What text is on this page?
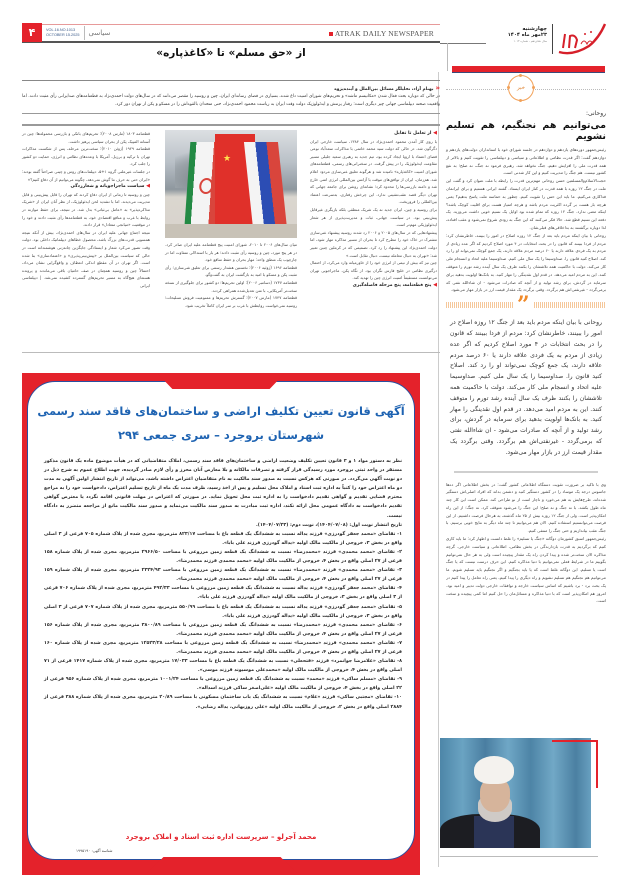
۴	VOL.16.NO.1013
OCTOBER 15.2025 سیاسی	ATRAK DAILY NEWSPAPER	چهارشنبه
۲۳مهر ماه ۱۴۰۴
سال شانزدهم - شماره ۱۰۱۳
از «حق مسلم» تا «کاغذپاره»
« بهنام آزاد، تحلیلگر مسائل بین‌الملل و آینده‌پژوه
در حالی که دوباره بحث فعال شدن «مکانیسم ماشه» و تحریم‌های شورای امنیت داغ شده، بسیاری در فضای رسانه‌ای ایران، چین و روسیه را مقصر می‌دانند که در سال‌های دولت احمدی‌نژاد به قطعنامه‌های ضدایرانی رأی مثبت دادند. اما واقعیت صحنه دیپلماسی جهانی چیز دیگری است: رفتار پرتنش و ایدئولوژیک دولت وقت ایران به ریاست محمود احمدی‌نژاد، حتی متحدان بالقوه‌اش را در مسکو و پکن از تهران دور کرد.
◀ از تعامل تا تقابل

با روی کار آمدن محمود احمدی‌نژاد در سال ۱۳۸۴، سیاست خارجی ایران دگرگون شد. در حالی که دولت سید محمد خاتمی با مذاکرات سعدآباد نوعی فضای اعتماد با اروپا ایجاد کرده بود، تیم جدید به رهبری سعید جلیلی مسیر مقاومت ایدئولوژیک را در پیش گرفت. در سخنرانی‌های رسمی، قطعنامه‌های شورای امنیت «کاغذپاره» نامیده شد و هرگونه تعلیق غنی‌سازی مردود اعلام شد. هم‌زمان، ایران از توافق‌های موقت با آژانس بین‌المللی انرژی اتمی خارج شد و دامنه بازرسی‌ها را محدود کرد؛ نشانه‌ای روشن برای جامعه جهانی که تهران دیگر قصد عقب‌نشینی ندارد. این چرخش رفتاری، به‌سرعت اعتماد بین‌المللی را فروریخت.

برای روسیه و چین، ایران جدید نه یک شریک منطقی بلکه بازیگری غیرقابل پیش‌بینی بود. در سیاست جهانی، ثبات و مدیریت‌پذیری از هر شعار ایدئولوژیکی مهم‌تر است.

پیشنهادهایی که در سال‌های ۲۰۰۵ و ۲۰۰۶ رد شدند روسیه پیشنهاد غنی‌سازی مشترک در خاک خود را مطرح کرد تا بحران از مسیر مذاکره مهار شود، اما دولت احمدی‌نژاد این پیشنهاد را رد کرد. تصمیمی که در کرملین چنین تعبیر شد: «تهران به دنبال معامله نیست، دنبال تقابل است.»

چین نیز که بیش از نیمی از انرژی خود را از خاورمیانه وارد می‌کرد، از احتمال درگیری نظامی در خلیج فارس نگران بود. از نگاه پکن، ماجراجویی تهران می‌توانست مستقیماً امنیت انرژی چین را تهدید کند.

◀ پنج قطعنامه، پنج مرحله فاصله‌گیری
★

میان سال‌های ۲۰۰۶ تا ۲۰۱۰، شورای امنیت پنج قطعنامه علیه ایران صادر کرد. در هر پنج مورد، چین و روسیه رأی مثبت دادند؛ هر بار با استدلالی متفاوت اما در چارچوب یک منطق واحد: مهار بحران و حفظ منافع خود.

قطعنامه ۱۶۹۶ (ژوئیه ۲۰۰۶): نخستین هشدار رسمی برای تعلیق غنی‌سازی؛ رأی مثبت پکن و مسکو با امید به بازگشت ایران به گفت‌وگو.

قطعنامه ۱۷۳۷ (دسامبر ۲۰۰۶): اولین تحریم‌ها؛ دو کشور برای جلوگیری از نسخه سخت‌تر آمریکایی، با متن تعدیل‌شده همراهی کردند.

قطعنامه ۱۷۴۷ (مارس ۲۰۰۷): گسترش تحریم‌ها و ممنوعیت فروش تسلیحات؛ روسیه نمی‌خواست روابطش با غرب بر سر ایران کاملاً تخریب شود.

قطعنامه ۱۸۰۳ (مارس ۲۰۰۸): تحریم‌های بانکی و بازرسی محموله‌ها؛ چین در آستانه المپیک پکن از بحران سیاسی پرهیز داشت.

قطعنامه ۱۹۲۹ (ژوئن ۲۰۱۰): سخت‌ترین مرحله، پس از شکست مذاکرات تهران با ترکیه و برزیل. آمریکا با وعده‌های نظامی و انرژی، حمایت دو کشور را جلب کرد.

در جلسات غیرعلنی گروه ۱+۵، دیپلمات‌های روس و چینی صراحتاً گفته بودند: «ایران حتی به حرف ما گوش نمی‌دهد، چگونه می‌توانیم از آن دفاع کنیم؟»

◀ سیاست ماجراجویانه و شعارزدگی

چین و روسیه تا زمانی از ایران دفاع کردند که تهران را قابل پیش‌بینی و قابل مدیریت می‌دیدند. اما با تشدید لحن ایدئولوژیک، از نظر آنان ایران از «شریک مذاکره‌پذیر» به «عامل بی‌ثباتی» بدل شد. در نتیجه، برای حفظ موازنه در روابط با غرب و منافع اقتصادی خود، به قطعنامه‌ها رأی مثبت دادند و خود را در موقعیت «میانجی متعادل» قرار دادند.

نتیجه اجماع جهانی علیه ایران در سال‌های احمدی‌نژاد، بیش از آنکه نتیجه همسویی قدرت‌های بزرگ باشد، محصول خطاهای دیپلماتیک داخلی بود. دولت وقت تصور می‌کرد شعار و ایستادگی جایگزین چانه‌زنی هوشمندانه است در حالی که سیاست بین‌الملل بر «پیش‌بینی‌پذیری» و «اعتمادسازی» بنا شده است. اگر تهران در آن مقطع اندکی انعطاف و واقع‌گرایی نشان می‌داد، احتمالاً چین و روسیه همچنان در صف حامیان باقی می‌ماندند و پرونده هسته‌ای هیچ‌گاه به مسیر تحریم‌های گسترده کشیده نمی‌شد. | دیپلماسی ایرانی

آگهی قانون تعیین تکلیف اراضی و ساختمان‌های فاقد سند رسمی
شهرستان بروجرد – سری جمعی ۲۹۴

نظر به دستور مواد ۱ و ۳ قانون تعیین تکلیف وضعیت اراضی و ساختمان‌های فاقد سند رسمی، املاک متقاضیانی که در هیأت موضوع ماده یک قانون مذکور مستقر در واحد ثبتی بروجرد مورد رسیدگی قرار گرفته و تصرفات مالکانه و بلا معارض آنان محرز و رأی لازم صادر گردیده، جهت اطلاع عموم به شرح ذیل در دو نوبت آگهی می‌گردد. در صورتی که هرکس نسبت به صدور سند مالکیت به نام متقاضیان اعتراض داشته باشد، می‌تواند از تاریخ انتشار اولین آگهی به مدت دو ماه اعتراض خود را کتباً به اداره ثبت اسناد و املاک محل تسلیم و پس از اخذ رسید، ظرف مدت یک ماه از تاریخ تسلیم اعتراض، دادخواست خود را به مراجع محترم قضایی تقدیم و گواهی تقدیم دادخواست را به اداره ثبت محل تحویل نماید. در صورتی که اعتراض در مهلت قانونی اقامه نگردد یا معترض گواهی تقدیم دادخواست به دادگاه عمومی محل ارائه نکند، اداره ثبت مبادرت به صدور سند مالکیت می‌نماید و صدور سند مالکیت مانع از مراجعه متضرر به دادگاه نیست.

تاریخ انتشار نوبت اول: (۱۴۰۴/۰۷/۰۸)، نوبت دوم: (۱۴۰۴/۰۷/۲۳).

۱- تقاضای «محمد جعفر گودرزی» فرزند یداله نسبت به ششدانگ یک قطعه باغ با مساحت ۸۲۳/۱۷ مترمربع، مجزی شده از پلاک شماره ۷۰۵ فرعی از ۳ اصلی واقع در بخش ۳، خروجی از مالکیت مالک اولیه «یداله گودرزی فرزند علی بابا».

۲- تقاضای «محمد محمدی» فرزند «محمدرضا» نسبت به ششدانگ یک قطعه زمین مزروعی با مساحت ۲۹۶۶/۵۰ مترمربع، مجزی شده از پلاک شماره ۱۵۸ فرعی از ۲۷ اصلی واقع در بخش ۴، خروجی از مالکیت مالک اولیه «محمد محمدی فرزند محمدرضا».

۳- تقاضای «محمد محمدی» فرزند «محمدرضا» نسبت به ششدانگ یک قطعه زمین مزروعی با مساحت ۲۳۲۴/۹۳ مترمربع، مجزی شده از پلاک شماره ۱۵۹ فرعی از ۲۷ اصلی واقع در بخش ۴، خروجی از مالکیت مالک اولیه «محمد محمدی فرزند محمدرضا».

۴- تقاضای «محمد جعفر گودرزی» فرزند یداله نسبت به ششدانگ یک قطعه زمین مزروعی با مساحت ۴۹۲/۳۳ مترمربع، مجزی شده از پلاک شماره ۷۰۶ فرعی از ۳ اصلی واقع در بخش ۳، خروجی از مالکیت مالک اولیه «یداله گودرزی فرزند علی بابا».

۵- تقاضای «محمد جعفر گودرزی» فرزند یداله نسبت به ششدانگ یک قطعه باغ با مساحت ۵۵۰/۹۹ مترمربع، مجزی شده از پلاک شماره ۷۰۷ فرعی از ۳ اصلی واقع در بخش ۳، خروجی از مالکیت مالک اولیه «یداله گودرزی فرزند علی بابا».

۶- تقاضای «محمد محمدی» فرزند «محمدرضا» نسبت به ششدانگ یک قطعه زمین مزروعی با مساحت ۳۸۰۰/۸۹ مترمربع، مجزی شده از پلاک شماره ۱۵۶ فرعی از ۲۷ اصلی واقع در بخش ۴، خروجی از مالکیت مالک اولیه «محمد محمدی فرزند محمدرضا».

۷- تقاضای «محمد محمدی» فرزند «محمدرضا» نسبت به ششدانگ یک قطعه زمین مزروعی با مساحت ۱۲۵۲۳/۲۸ مترمربع، مجزی شده از پلاک شماره ۱۶۰ فرعی از ۲۷ اصلی واقع در بخش ۴، خروجی از مالکیت مالک اولیه «محمد محمدی فرزند محمدرضا».

۸- تقاضای «غلامرضا جوانمرد» فرزند «فتحعلی» نسبت به ششدانگ یک قطعه باغ با مساحت ۱۷/۰۳۳ مترمربع، مجزی شده از پلاک شماره ۱۴۱۷ فرعی از ۷۱ اصلی واقع در بخش ۴، خروجی از مالکیت مالک اولیه «محمدعلی موسیوند فرزند موسی».

۹- تقاضای «مسلم ساکی» فرزند «محمد» نسبت به ششدانگ یک قطعه زمین مزروعی با مساحت ۱۰۰۱/۲۴ مترمربع، مجزی شده از پلاک شماره ۹۵۶ فرعی از ۲۲ اصلی واقع در بخش ۴، خروجی از مالکیت مالک اولیه «علی‌اصغر ساکی فرزند اسداله».

۱۰- تقاضای «مجتبی ساکی» فرزند «غلام» نسبت به ششدانگ یک باب ساختمان مسکونی با مساحت ۲۰/۸۹ مترمربع، مجزی شده از پلاک شماره ۳۸۸ فرعی از ۲۸۸۴ اصلی واقع در بخش ۲، خروجی از مالکیت مالک اولیه «علی روزبهانی، یداله رضایی».

محمد آجرلو – سرپرست اداره ثبت اسناد و املاک بروجرد
شناسه آگهی: ۱۹۹۵۱۹۰
خبر
روحانی:
می‌توانیم هم نجنگیم، هم تسلیم نشویم

رئیس‌جمهور دوره‌های یازدهم و دوازدهم در جلسه شورای خود با استانداران دولت‌های یازدهم و دوازدهم گفت: اگر قدرت نظامی و اطلاعاتی و سیاسی و دیپلماسی را تقویت کنیم و بالاتر از همه قدرت ملی را افزایش دهیم، جنگ نخواهد شد. رهبری فرمود نه جنگ، نه صلح؛ به نفع کشور نیست. هم جنگ را مدیریت کنیم و این کار شدنی است.

حجت‌الاسلام‌والمسلمین حسن روحانی مهم‌ترین قدرت را رابطه با ملت عنوان کرد و گفت این ملت در جنگ ۱۲ روزه با همه قدرت در کنار ایران ایستاد. گفتند ایرانی هستیم و برای ایرانمان فداکاری می‌کنیم. ما باید این حس را تقویت کنیم. چطور به حماسه ملت پاسخ بدهیم؟ یعنی هرچه بار هست بر گرده اکثریت مردم باشد و هرچه امتیاز هست برای اقلیت کوچک باشد؟ اینکه معنی ندارد. جنگ ۱۲ روزه که تمام شده بود اوایل یک نسیم خوبی داشت می‌وزید. یک دفعه این نسیم قطع شد. حالا فکر می‌کنند که این جنگ به زودی شروع نمی‌شود و عقب افتاده، لذا دوباره برگشتند به بداخلاقی‌های قبلی‌شان.

روحانی با بیان اینکه مردم باید بعد از جنگ ۱۲ روزه اصلاح در امور را ببینند، خاطرنشان کرد: مردم از فردا ببینند که قانون را در بحث انتخابات در ۴ مورد اصلاح کردیم که اگر عده زیادی از مردم به یک فردی علاقه دارند یا ۶۰ درصد مردم علاقه دارند، یک جمع کوچک نمی‌تواند او را رد کند. اصلاح کنید قانون را. صداوسیما را یک سال ملی کنیم. صداوسیما علیه اتحاد و انسجام ملی کار می‌کند. دولت با حاکمیت همه تلاششان را بکنند ظرف یک سال آینده رشد تورم را متوقف کنند. این به مردم امید می‌دهد. در قدم اول نقدینگی را مهار کنید. به بانک‌ها اولویت بدهید برای سرمایه در گردش، برای رشد تولید و از آنچه که صادرات می‌شود - ان شاءالله نفتی که برمی‌گردد - غیرنفتی‌اش هم برگردد. وقتی برگردد یک مقدار قیمت ارز در بازار مهار می‌شود.

”
روحانی با بیان اینکه مردم باید بعد از جنگ ۱۲ روزه اصلاح در امور را ببینند، خاطرنشان کرد: مردم از فردا ببینند که قانون را در بحث انتخابات در ۴ مورد اصلاح کردیم که اگر عده زیادی از مردم به یک فردی علاقه دارند یا ۶۰ درصد مردم علاقه دارند، یک جمع کوچک نمی‌تواند او را رد کند. اصلاح کنید قانون را. صداوسیما را یک سال ملی کنیم. صداوسیما علیه اتحاد و انسجام ملی کار می‌کند. دولت با حاکمیت همه تلاششان را بکنند ظرف یک سال آینده رشد تورم را متوقف کنند. این به مردم امید می‌دهد. در قدم اول نقدینگی را مهار کنید. به بانک‌ها اولویت بدهید برای سرمایه در گردش، برای رشد تولید و از آنچه که صادرات می‌شود - ان شاءالله نفتی که برمی‌گردد - غیرنفتی‌اش هم برگردد. وقتی برگردد یک مقدار قیمت ارز در بازار مهار می‌شود.

وی با تاکید بر ضرورت تقویت دستگاه اطلاعاتی کشور گفت: در بخش اطلاعاتی اگر ده‌ها جاسوس درجه یک موساد را در کشور دستگیر کنید و دشمن بداند که افراد اصلی‌اش دستگیر شده‌اند، طرح‌هایش به هم می‌خورد و ناچار است از نو طراحی کند. ممکن است این کار چند ماه طول بکشد. با نه جنگ و نه صلح؛ این جنگ را می‌شود متوقف کرد. نه جنگ؛ از این راه امکان‌پذیر است. ولی از جنگ ۱۲ روزه بیش از ۲۵ ماه گذشته، به هرحال فرصت داشتیم. از این فرصت می‌توانستیم استفاده کنیم. الان هم می‌توانیم تا چند ماه دیگر به نتایج خوبی برسیم. با جنگ عقب بیاندازیم و حتی جنگ را منتفی کنیم.

رئیس‌جمهور اسبق کشورمان دوگانه «جنگ یا تسلیم» را غلط دانست و اظهار کرد: ما باید کاری کنیم که برگردیم به قدرت بازدارندگی در بخش نظامی، اطلاعاتی و سیاست خارجی. گرچه مذاکره الان سخت‌تر شده و پیدا کردن راه یک مقدار پیچیده است ولی به هر حال نمی‌توانیم بگوییم ما در شرایط فعلی نمی‌توانیم با دنیا مذاکره کنیم. این حرف درست نیست که یا جنگ است یا تسلیم. این دوگانه غلط است که یا باید بجنگیم و اگر نجنگیم باید تسلیم شویم. ما می‌توانیم هم نجنگیم هم تسلیم نشویم و راه دیگری را پیدا کنیم، یعنی راه تعامل را پیدا کنیم در یک بحث برد - برد باشیم که اساس سیاست خارجه و توافقات خارجی دولت تدبیر و امید بود. امروز هم امکان‌پذیر است که با دنیا مذاکره و مسائل‌مان را حل کنیم اما کمی پیچیده و سخت است.
